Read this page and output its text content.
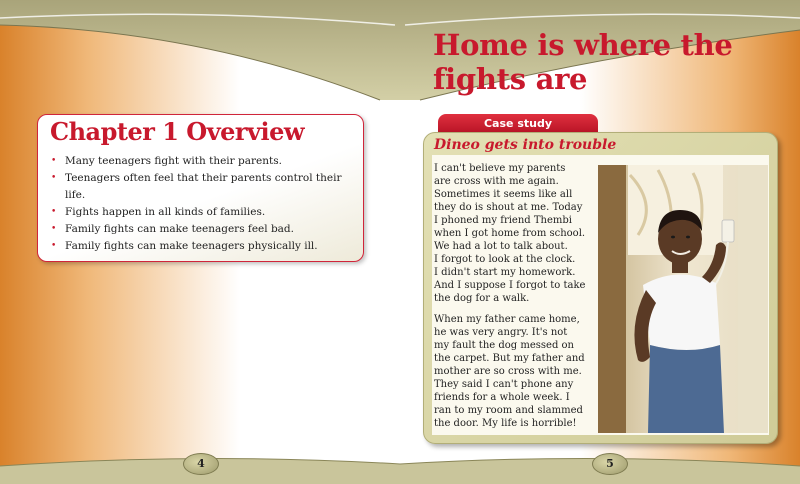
4	5
Home is where the
fights are
Chapter 1 Overview
• Many teenagers fight with their parents.
• Teenagers often feel that their parents control their life.
• Fights happen in all kinds of families.
• Family fights can make teenagers feel bad.
• Family fights can make teenagers physically ill.
Case study
Dineo gets into trouble

I can't believe my parents
are cross with me again.
Sometimes it seems like all
they do is shout at me. Today
I phoned my friend Thembi
when I got home from school.
We had a lot to talk about.
I forgot to look at the clock.
I didn't start my homework.
And I suppose I forgot to take
the dog for a walk.

When my father came home,
he was very angry. It's not
my fault the dog messed on
the carpet. But my father and
mother are so cross with me.
They said I can't phone any
friends for a whole week. I
ran to my room and slammed
the door. My life is horrible!
